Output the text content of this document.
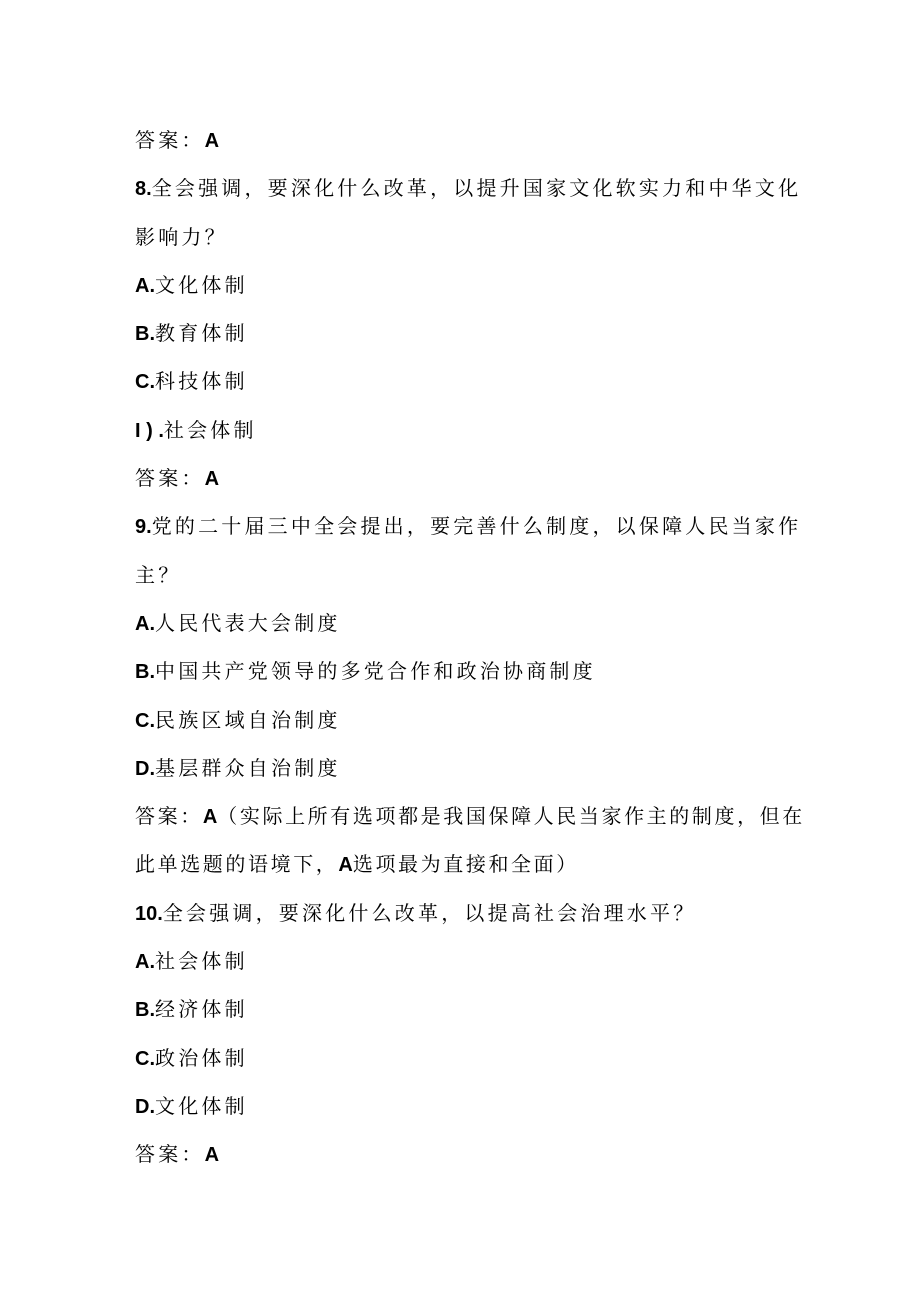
答案：A
8.全会强调，要深化什么改革，以提升国家文化软实力和中华文化
影响力？
A.文化体制
B.教育体制
C.科技体制
I ) .社会体制
答案：A
9.党的二十届三中全会提出，要完善什么制度，以保障人民当家作
主？
A.人民代表大会制度
B.中国共产党领导的多党合作和政治协商制度
C.民族区域自治制度
D.基层群众自治制度
答案：A（实际上所有选项都是我国保障人民当家作主的制度，但在
此单选题的语境下，A选项最为直接和全面）
10.全会强调，要深化什么改革，以提高社会治理水平？
A.社会体制
B.经济体制
C.政治体制
D.文化体制
答案：A
